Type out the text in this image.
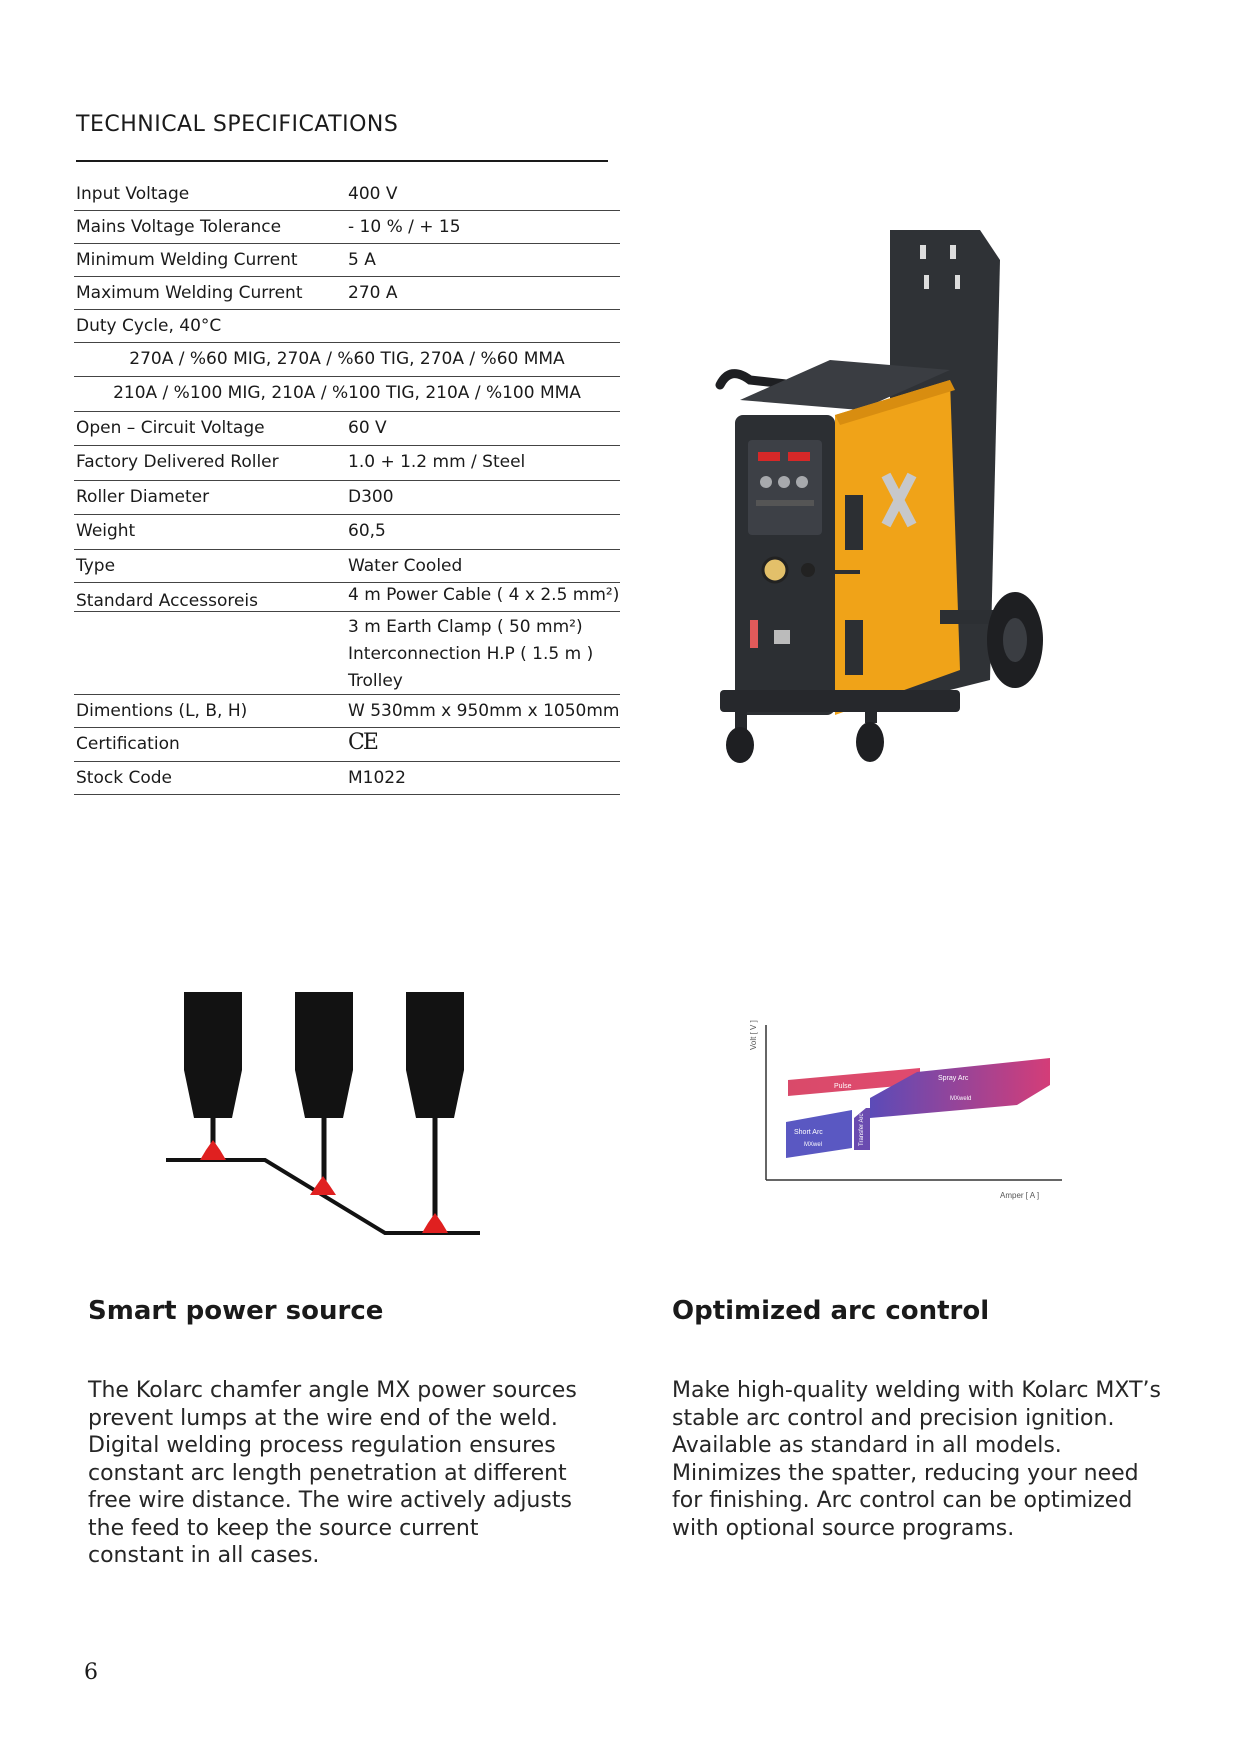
TECHNICAL SPECIFICATIONS
Input Voltage	400 V
Mains Voltage Tolerance	- 10 % / + 15
Minimum Welding Current	5 A
Maximum Welding Current	270 A
Duty Cycle, 40°C
270A / %60 MIG, 270A / %60 TIG, 270A / %60 MMA
210A / %100 MIG, 210A / %100 TIG, 210A / %100 MMA
Open – Circuit Voltage	60 V
Factory Delivered Roller	1.0 + 1.2 mm / Steel
Roller Diameter	D300
Weight	60,5
Type	Water Cooled
Standard Accessoreis	4 m Power Cable ( 4 x 2.5 mm²)
3 m Earth Clamp ( 50 mm²)
Interconnection H.P ( 1.5 m )
Trolley
Dimentions (L, B, H)	W 530mm x 950mm x 1050mm
Certification	CE
Stock Code	M1022
Volt [ V ]
Amper [ A ]
Pulse
Spray Arc
Short Arc	Transfer Arc
MXwel
MXweld
Smart power source
The Kolarc chamfer angle MX power sources prevent lumps at the wire end of the weld. Digital welding process regulation ensures constant arc length penetration at different free wire distance. The wire actively adjusts the feed to keep the source current constant in all cases.
Optimized arc control
Make high-quality welding with Kolarc MXT’s stable arc control and precision ignition. Available as standard in all models. Minimizes the spatter, reducing your need for finishing. Arc control can be optimized with optional source programs.
6
